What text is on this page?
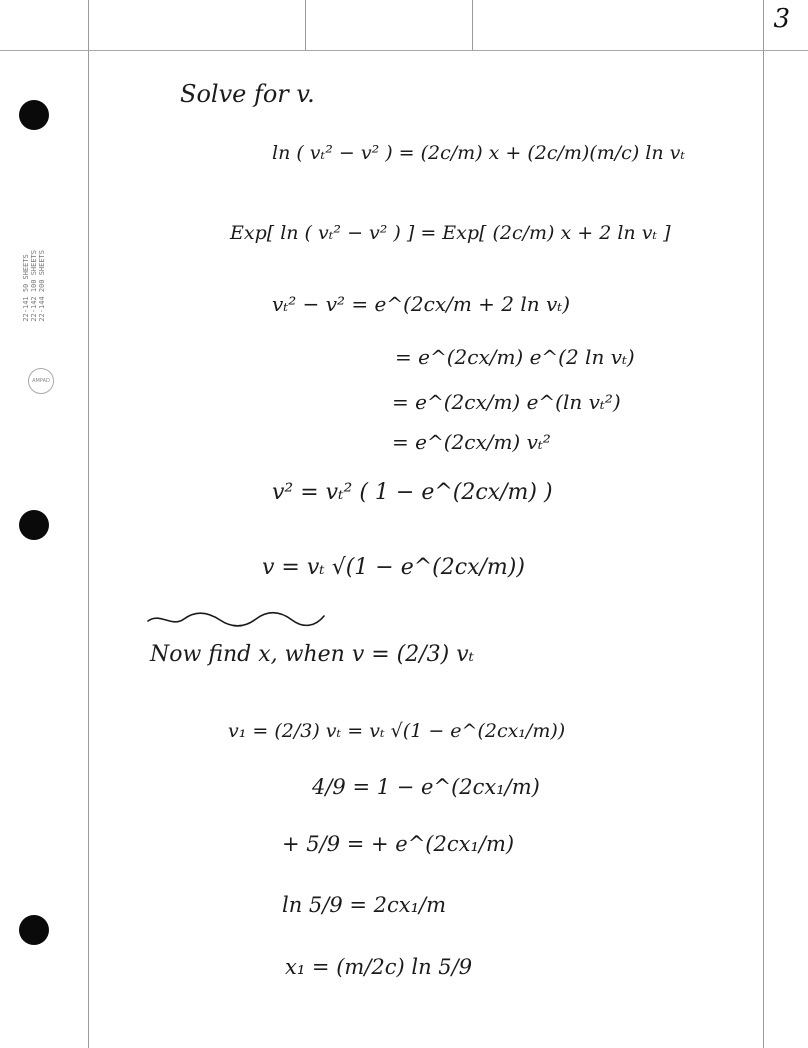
3
22-141 50 SHEETS 22-142 100 SHEETS 22-144 200 SHEETS
AMPAD
Solve for v.
ln ( vₜ² − v² ) = (2c/m) x + (2c/m)(m/c) ln vₜ
Exp[ ln ( vₜ² − v² ) ] = Exp[ (2c/m) x + 2 ln vₜ ]
vₜ² − v² = e^(2cx/m + 2 ln vₜ)
= e^(2cx/m) e^(2 ln vₜ)
= e^(2cx/m) e^(ln vₜ²)
= e^(2cx/m) vₜ²
v² = vₜ² ( 1 − e^(2cx/m) )
v = vₜ √(1 − e^(2cx/m))
Now find x, when v = (2/3) vₜ
v₁ = (2/3) vₜ = vₜ √(1 − e^(2cx₁/m))
4/9 = 1 − e^(2cx₁/m)
+ 5/9 = + e^(2cx₁/m)
ln 5/9 = 2cx₁/m
x₁ = (m/2c) ln 5/9
